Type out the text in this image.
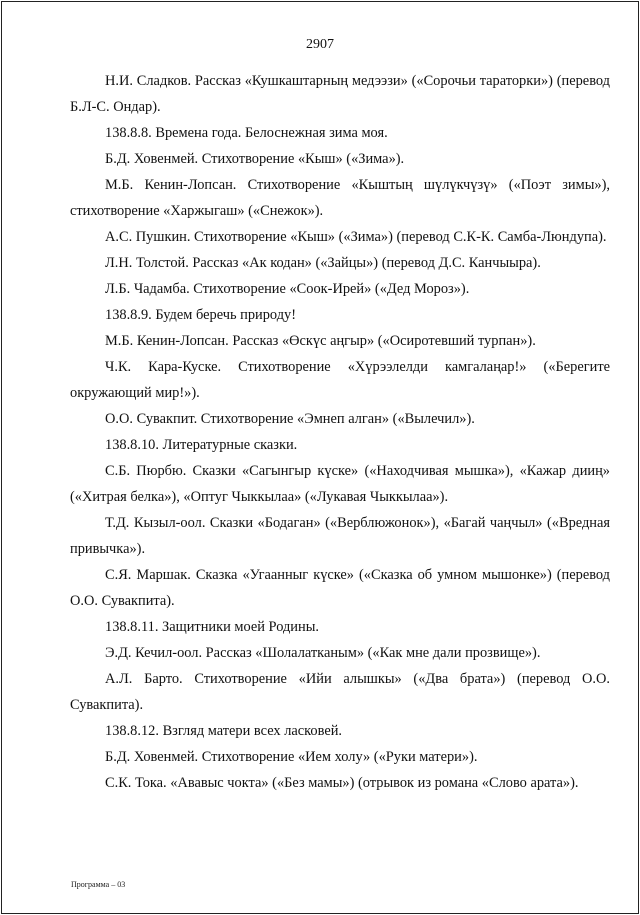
2907

Н.И. Сладков. Рассказ «Кушкаштарның медээзи» («Сорочьи тараторки») (перевод Б.Л-С. Ондар).

138.8.8. Времена года. Белоснежная зима моя.

Б.Д. Ховенмей. Стихотворение «Кыш» («Зима»).

М.Б. Кенин-Лопсан. Стихотворение «Кыштың шүлүкчүзү» («Поэт зимы»), стихотворение «Харжыгаш» («Снежок»).

А.С. Пушкин. Стихотворение «Кыш» («Зима») (перевод С.К-К. Самба-Люндупа).

Л.Н. Толстой. Рассказ «Ак кодан» («Зайцы») (перевод Д.С. Канчыыра).

Л.Б. Чадамба. Стихотворение «Соок-Ирей» («Дед Мороз»).

138.8.9. Будем беречь природу!

М.Б. Кенин-Лопсан. Рассказ «Өскүс аңгыр» («Осиротевший турпан»).

Ч.К. Кара-Куске. Стихотворение «Хүрээлелди камгалаңар!» («Берегите окружающий мир!»).

О.О. Сувакпит. Стихотворение «Эмнеп алган» («Вылечил»).

138.8.10. Литературные сказки.

С.Б. Пюрбю. Сказки «Сагынгыр күске» («Находчивая мышка»), «Кажар дииң» («Хитрая белка»), «Оптуг Чыккылаа» («Лукавая Чыккылаа»).

Т.Д. Кызыл-оол. Сказки «Бодаган» («Верблюжонок»), «Багай чаңчыл» («Вредная привычка»).

С.Я. Маршак. Сказка «Угаанныг күске» («Сказка об умном мышонке») (перевод О.О. Сувакпита).

138.8.11. Защитники моей Родины.

Э.Д. Кечил-оол. Рассказ «Шолалатканым» («Как мне дали прозвище»).

А.Л. Барто. Стихотворение «Ийи алышкы» («Два брата») (перевод О.О. Сувакпита).

138.8.12. Взгляд матери всех ласковей.

Б.Д. Ховенмей. Стихотворение «Ием холу» («Руки матери»).

С.К. Тока. «Ававыс чокта» («Без мамы») (отрывок из романа «Слово арата»).

Программа – 03
